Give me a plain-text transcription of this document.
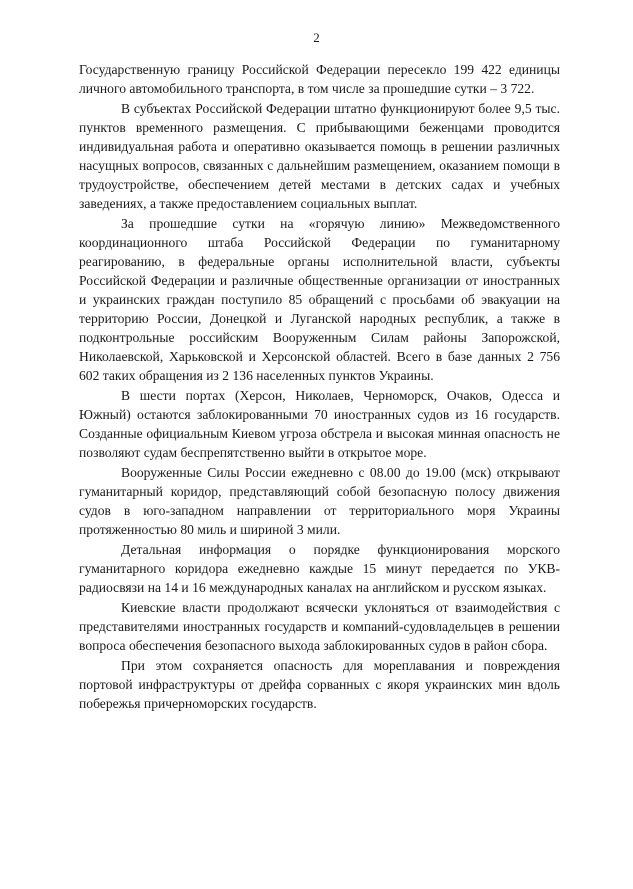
2

Государственную границу Российской Федерации пересекло 199 422 единицы личного автомобильного транспорта, в том числе за прошедшие сутки – 3 722.

В субъектах Российской Федерации штатно функционируют более 9,5 тыс. пунктов временного размещения. С прибывающими беженцами проводится индивидуальная работа и оперативно оказывается помощь в решении различных насущных вопросов, связанных с дальнейшим размещением, оказанием помощи в трудоустройстве, обеспечением детей местами в детских садах и учебных заведениях, а также предоставлением социальных выплат.

За прошедшие сутки на «горячую линию» Межведомственного координационного штаба Российской Федерации по гуманитарному реагированию, в федеральные органы исполнительной власти, субъекты Российской Федерации и различные общественные организации от иностранных и украинских граждан поступило 85 обращений с просьбами об эвакуации на территорию России, Донецкой и Луганской народных республик, а также в подконтрольные российским Вооруженным Силам районы Запорожской, Николаевской, Харьковской и Херсонской областей. Всего в базе данных 2 756 602 таких обращения из 2 136 населенных пунктов Украины.

В шести портах (Херсон, Николаев, Черноморск, Очаков, Одесса и Южный) остаются заблокированными 70 иностранных судов из 16 государств. Созданные официальным Киевом угроза обстрела и высокая минная опасность не позволяют судам беспрепятственно выйти в открытое море.

Вооруженные Силы России ежедневно с 08.00 до 19.00 (мск) открывают гуманитарный коридор, представляющий собой безопасную полосу движения судов в юго-западном направлении от территориального моря Украины протяженностью 80 миль и шириной 3 мили.

Детальная информация о порядке функционирования морского гуманитарного коридора ежедневно каждые 15 минут передается по УКВ-радиосвязи на 14 и 16 международных каналах на английском и русском языках.

Киевские власти продолжают всячески уклоняться от взаимодействия с представителями иностранных государств и компаний-судовладельцев в решении вопроса обеспечения безопасного выхода заблокированных судов в район сбора.

При этом сохраняется опасность для мореплавания и повреждения портовой инфраструктуры от дрейфа сорванных с якоря украинских мин вдоль побережья причерноморских государств.
